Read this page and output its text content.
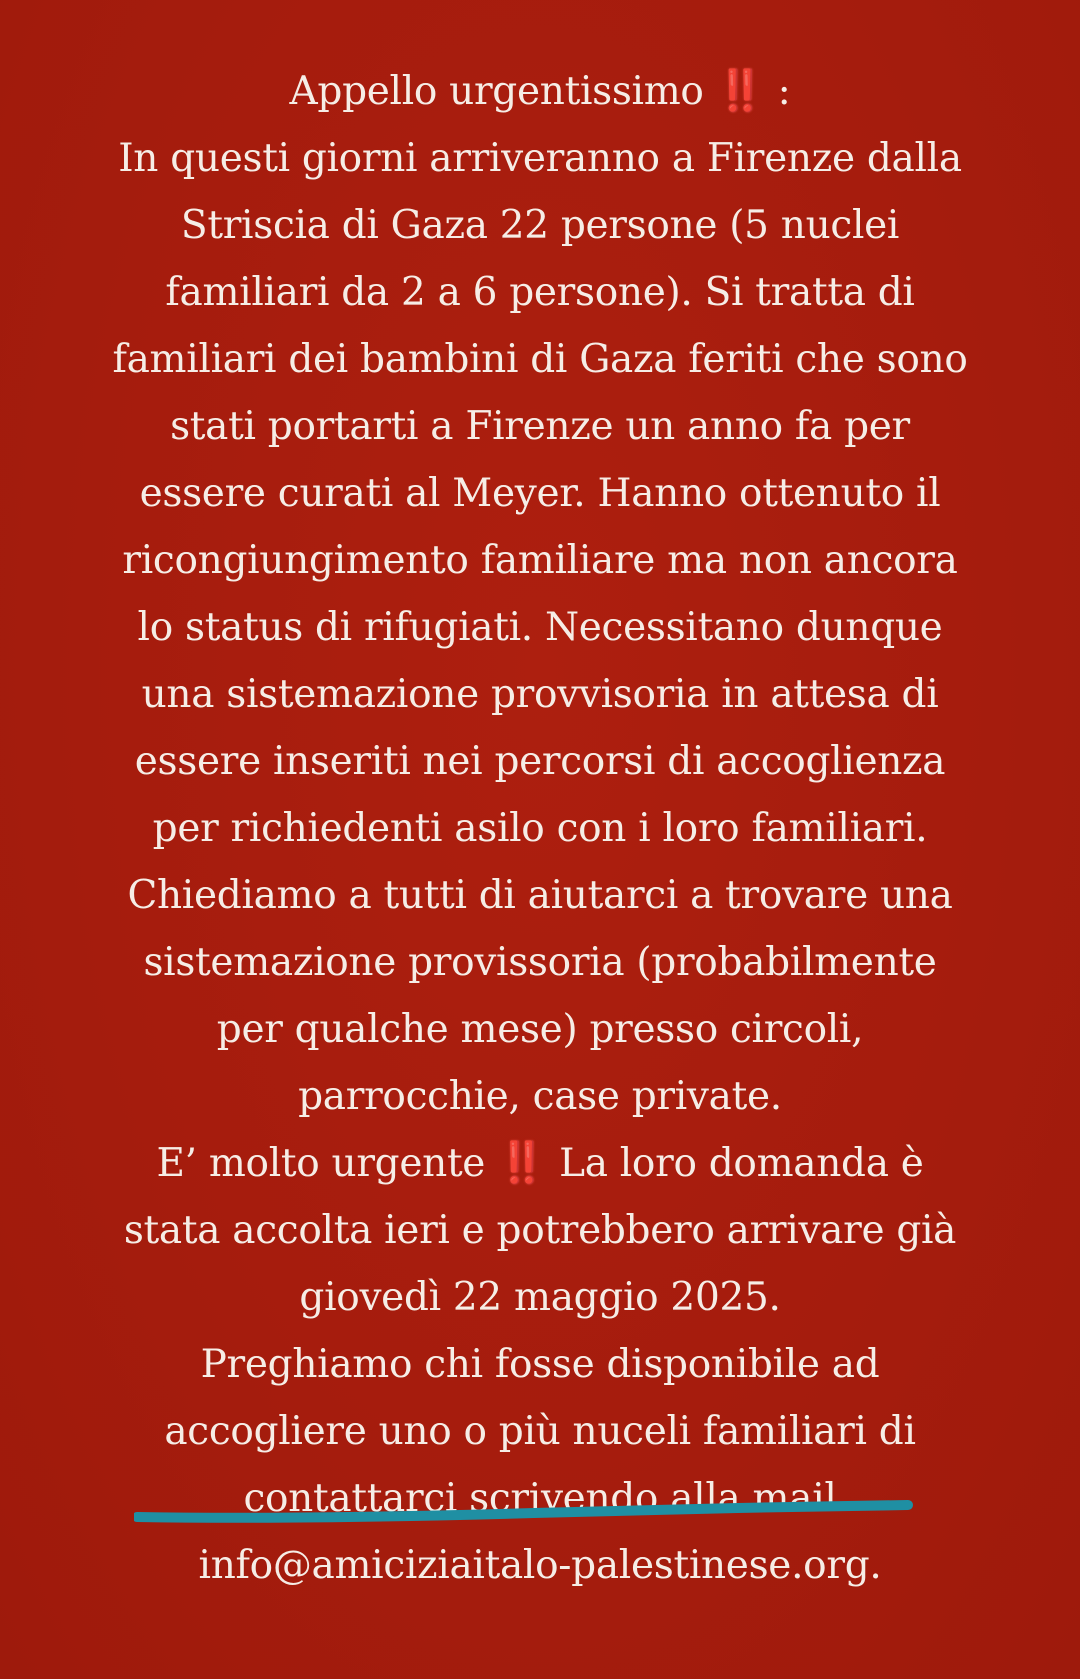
Appello urgentissimo ‼️ :
In questi giorni arriveranno a Firenze dalla
Striscia di Gaza 22 persone (5 nuclei
familiari da 2 a 6 persone). Si tratta di
familiari dei bambini di Gaza feriti che sono
stati portarti a Firenze un anno fa per
essere curati al Meyer. Hanno ottenuto il
ricongiungimento familiare ma non ancora
lo status di rifugiati. Necessitano dunque
una sistemazione provvisoria in attesa di
essere inseriti nei percorsi di accoglienza
per richiedenti asilo con i loro familiari.
Chiediamo a tutti di aiutarci a trovare una
sistemazione provissoria (probabilmente
per qualche mese) presso circoli,
parrocchie, case private.
E’ molto urgente ‼️ La loro domanda è
stata accolta ieri e potrebbero arrivare già
giovedì 22 maggio 2025.
Preghiamo chi fosse disponibile ad
accogliere uno o più nuceli familiari di
contattarci scrivendo alla mail
info@amiciziaitalo-palestinese.org.
